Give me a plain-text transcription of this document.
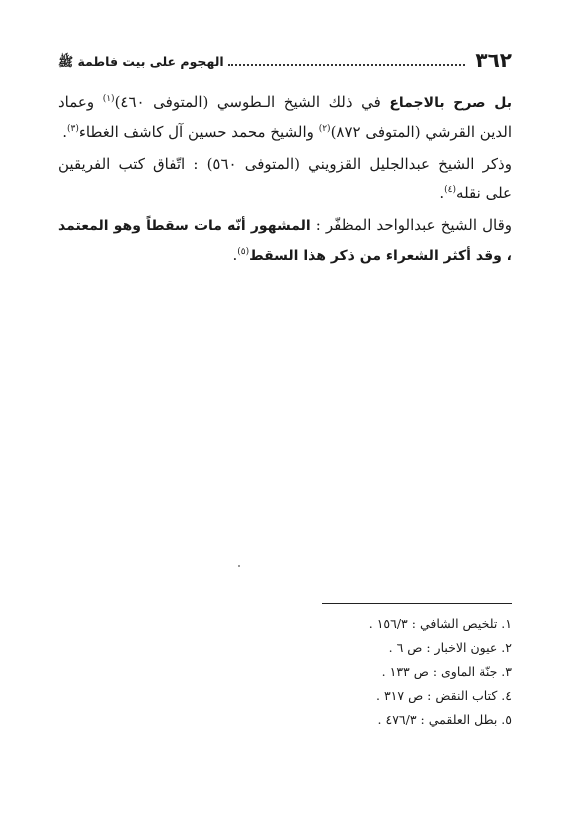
٣٦٢
الهجوم على بيت فاطمة ﷺ

بل صرح بالاجماع في ذلك الشيخ الـطوسي (المتوفى ٤٦٠)$^{(١)}$ وعماد الدين القرشي (المتوفى ٨٧٢)$^{(٢)}$ والشيخ محمد حسين آل كاشف الغطاء$^{(٣)}$.

وذكر الشيخ عبدالجليل القزويني (المتوفى ٥٦٠) : اتّفاق كتب الفريقين على نقله$^{(٤)}$.

وقال الشيخ عبدالواحد المظفّر : المشهور أنّه مات سقطاً وهو المعتمد ، وقد أكثر الشعراء من ذكر هذا السقط$^{(٥)}$.

١. تلخيص الشافي : ١٥٦/٣ .
٢. عيون الاخبار : ص ٦ .
٣. جنّة الماوى : ص ١٣٣ .
٤. كتاب النقض : ص ٣١٧ .
٥. بطل العلقمي : ٤٧٦/٣ .
